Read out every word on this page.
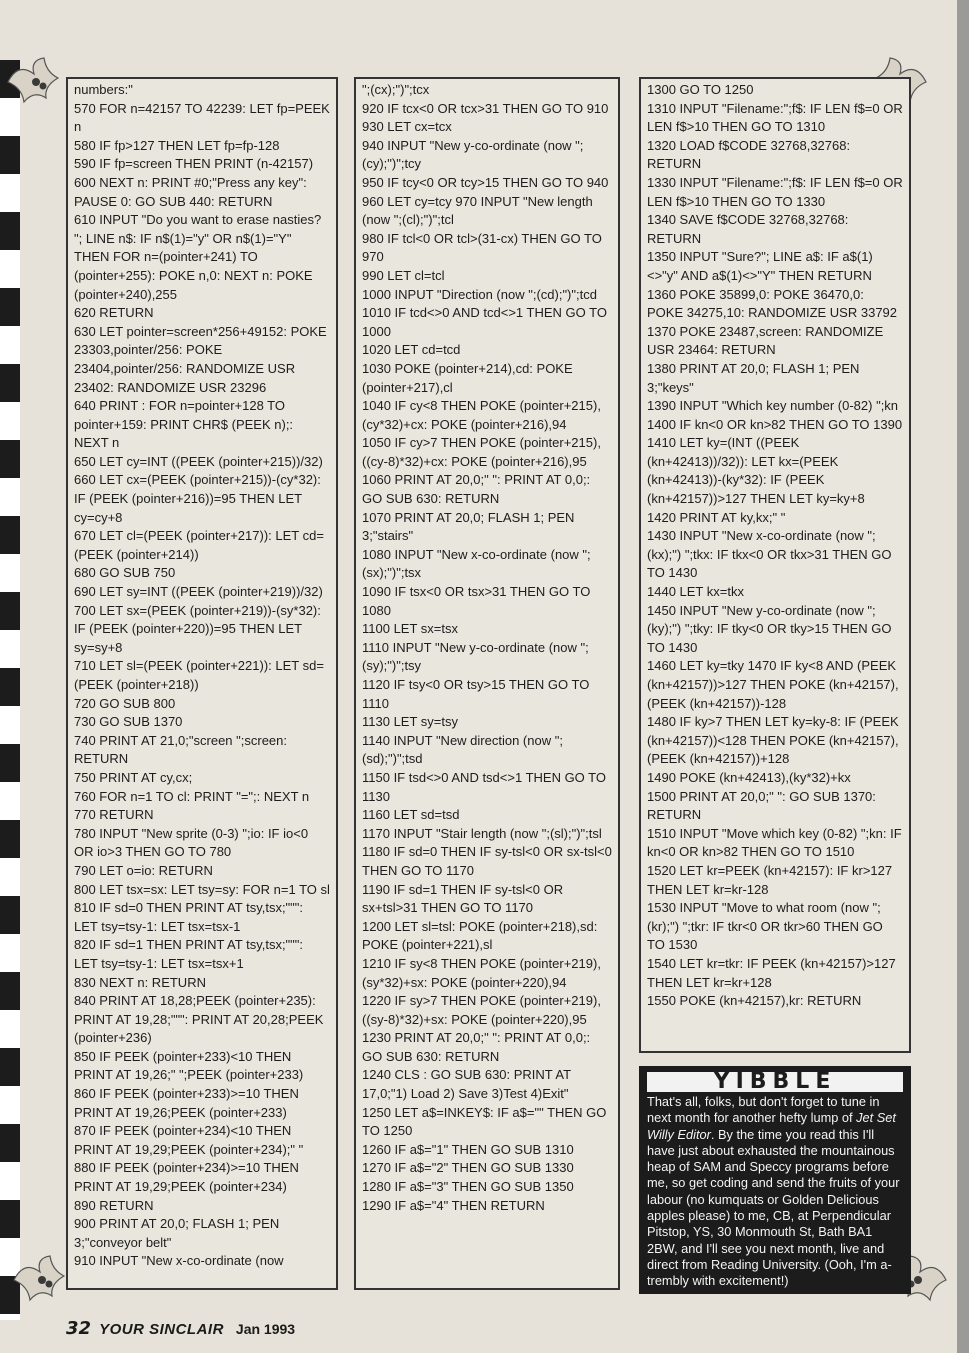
numbers:"
570 FOR n=42157 TO 42239: LET fp=PEEK n
580 IF fp>127 THEN LET fp=fp-128
590 IF fp=screen THEN PRINT (n-42157)
600 NEXT n: PRINT #0;"Press any key": PAUSE 0: GO SUB 440: RETURN
610 INPUT "Do you want to erase nasties? "; LINE n$: IF n$(1)="y" OR n$(1)="Y" THEN FOR n=(pointer+241) TO (pointer+255): POKE n,0: NEXT n: POKE (pointer+240),255
620 RETURN
630 LET pointer=screen*256+49152: POKE 23303,pointer/256: POKE 23404,pointer/256: RANDOMIZE USR 23402: RANDOMIZE USR 23296
640 PRINT : FOR n=pointer+128 TO pointer+159: PRINT CHR$ (PEEK n);: NEXT n
650 LET cy=INT ((PEEK (pointer+215))/32)
660 LET cx=(PEEK (pointer+215))-(cy*32): IF (PEEK (pointer+216))=95 THEN LET cy=cy+8
670 LET cl=(PEEK (pointer+217)): LET cd=(PEEK (pointer+214))
680 GO SUB 750
690 LET sy=INT ((PEEK (pointer+219))/32)
700 LET sx=(PEEK (pointer+219))-(sy*32): IF (PEEK (pointer+220))=95 THEN LET sy=sy+8
710 LET sl=(PEEK (pointer+221)): LET sd=(PEEK (pointer+218))
720 GO SUB 800
730 GO SUB 1370
740 PRINT AT 21,0;"screen ";screen: RETURN
750 PRINT AT cy,cx;
760 FOR n=1 TO cl: PRINT "=";: NEXT n
770 RETURN
780 INPUT "New sprite (0-3) ";io: IF io<0 OR io>3 THEN GO TO 780
790 LET o=io: RETURN
800 LET tsx=sx: LET tsy=sy: FOR n=1 TO sl
810 IF sd=0 THEN PRINT AT tsy,tsx;""": LET tsy=tsy-1: LET tsx=tsx-1
820 IF sd=1 THEN PRINT AT tsy,tsx;""": LET tsy=tsy-1: LET tsx=tsx+1
830 NEXT n: RETURN
840 PRINT AT 18,28;PEEK (pointer+235): PRINT AT 19,28;""": PRINT AT 20,28;PEEK (pointer+236)
850 IF PEEK (pointer+233)<10 THEN PRINT AT 19,26;" ";PEEK (pointer+233)
860 IF PEEK (pointer+233)>=10 THEN PRINT AT 19,26;PEEK (pointer+233)
870 IF PEEK (pointer+234)<10 THEN PRINT AT 19,29;PEEK (pointer+234);" "
880 IF PEEK (pointer+234)>=10 THEN PRINT AT 19,29;PEEK (pointer+234)
890 RETURN
900 PRINT AT 20,0; FLASH 1; PEN 3;"conveyor belt"
910 INPUT "New x-co-ordinate (now
";(cx);")";tcx
920 IF tcx<0 OR tcx>31 THEN GO TO 910
930 LET cx=tcx
940 INPUT "New y-co-ordinate (now ";(cy);")";tcy
950 IF tcy<0 OR tcy>15 THEN GO TO 940
960 LET cy=tcy 970 INPUT "New length (now ";(cl);")";tcl
980 IF tcl<0 OR tcl>(31-cx) THEN GO TO 970
990 LET cl=tcl
1000 INPUT "Direction (now ";(cd);")";tcd
1010 IF tcd<>0 AND tcd<>1 THEN GO TO 1000
1020 LET cd=tcd
1030 POKE (pointer+214),cd: POKE (pointer+217),cl
1040 IF cy<8 THEN POKE (pointer+215),(cy*32)+cx: POKE (pointer+216),94
1050 IF cy>7 THEN POKE (pointer+215),((cy-8)*32)+cx: POKE (pointer+216),95
1060 PRINT AT 20,0;" ": PRINT AT 0,0;: GO SUB 630: RETURN
1070 PRINT AT 20,0; FLASH 1; PEN 3;"stairs"
1080 INPUT "New x-co-ordinate (now ";(sx);")";tsx
1090 IF tsx<0 OR tsx>31 THEN GO TO 1080
1100 LET sx=tsx
1110 INPUT "New y-co-ordinate (now ";(sy);")";tsy
1120 IF tsy<0 OR tsy>15 THEN GO TO 1110
1130 LET sy=tsy
1140 INPUT "New direction (now ";(sd);")";tsd
1150 IF tsd<>0 AND tsd<>1 THEN GO TO 1130
1160 LET sd=tsd
1170 INPUT "Stair length (now ";(sl);")";tsl
1180 IF sd=0 THEN IF sy-tsl<0 OR sx-tsl<0 THEN GO TO 1170
1190 IF sd=1 THEN IF sy-tsl<0 OR sx+tsl>31 THEN GO TO 1170
1200 LET sl=tsl: POKE (pointer+218),sd: POKE (pointer+221),sl
1210 IF sy<8 THEN POKE (pointer+219),(sy*32)+sx: POKE (pointer+220),94
1220 IF sy>7 THEN POKE (pointer+219),((sy-8)*32)+sx: POKE (pointer+220),95
1230 PRINT AT 20,0;" ": PRINT AT 0,0;: GO SUB 630: RETURN
1240 CLS : GO SUB 630: PRINT AT 17,0;"1) Load 2) Save 3)Test 4)Exit"
1250 LET a$=INKEY$: IF a$="" THEN GO TO 1250
1260 IF a$="1" THEN GO SUB 1310
1270 IF a$="2" THEN GO SUB 1330
1280 IF a$="3" THEN GO SUB 1350
1290 IF a$="4" THEN RETURN
1300 GO TO 1250
1310 INPUT "Filename:";f$: IF LEN f$=0 OR LEN f$>10 THEN GO TO 1310
1320 LOAD f$CODE 32768,32768: RETURN
1330 INPUT "Filename:";f$: IF LEN f$=0 OR LEN f$>10 THEN GO TO 1330
1340 SAVE f$CODE 32768,32768: RETURN
1350 INPUT "Sure?"; LINE a$: IF a$(1)<>"y" AND a$(1)<>"Y" THEN RETURN
1360 POKE 35899,0: POKE 36470,0: POKE 34275,10: RANDOMIZE USR 33792
1370 POKE 23487,screen: RANDOMIZE USR 23464: RETURN
1380 PRINT AT 20,0; FLASH 1; PEN 3;"keys"
1390 INPUT "Which key number (0-82) ";kn
1400 IF kn<0 OR kn>82 THEN GO TO 1390
1410 LET ky=(INT ((PEEK (kn+42413))/32)): LET kx=(PEEK (kn+42413))-(ky*32): IF (PEEK (kn+42157))>127 THEN LET ky=ky+8
1420 PRINT AT ky,kx;" "
1430 INPUT "New x-co-ordinate (now ";(kx);") ";tkx: IF tkx<0 OR tkx>31 THEN GO TO 1430
1440 LET kx=tkx
1450 INPUT "New y-co-ordinate (now ";(ky);") ";tky: IF tky<0 OR tky>15 THEN GO TO 1430
1460 LET ky=tky 1470 IF ky<8 AND (PEEK (kn+42157))>127 THEN POKE (kn+42157),(PEEK (kn+42157))-128
1480 IF ky>7 THEN LET ky=ky-8: IF (PEEK (kn+42157))<128 THEN POKE (kn+42157),(PEEK (kn+42157))+128
1490 POKE (kn+42413),(ky*32)+kx
1500 PRINT AT 20,0;" ": GO SUB 1370: RETURN
1510 INPUT "Move which key (0-82) ";kn: IF kn<0 OR kn>82 THEN GO TO 1510
1520 LET kr=PEEK (kn+42157): IF kr>127 THEN LET kr=kr-128
1530 INPUT "Move to what room (now ";(kr);") ";tkr: IF tkr<0 OR tkr>60 THEN GO TO 1530
1540 LET kr=tkr: IF PEEK (kn+42157)>127 THEN LET kr=kr+128
1550 POKE (kn+42157),kr: RETURN
YIBBLE

That's all, folks, but don't forget to tune in next month for another hefty lump of Jet Set Willy Editor. By the time you read this I'll have just about exhausted the mountainous heap of SAM and Speccy programs before me, so get coding and send the fruits of your labour (no kumquats or Golden Delicious apples please) to me, CB, at Perpendicular Pitstop, YS, 30 Monmouth St, Bath BA1 2BW, and I'll see you next month, live and direct from Reading University. (Ooh, I'm a-trembly with excitement!)

32 YOUR SINCLAIR Jan 1993
